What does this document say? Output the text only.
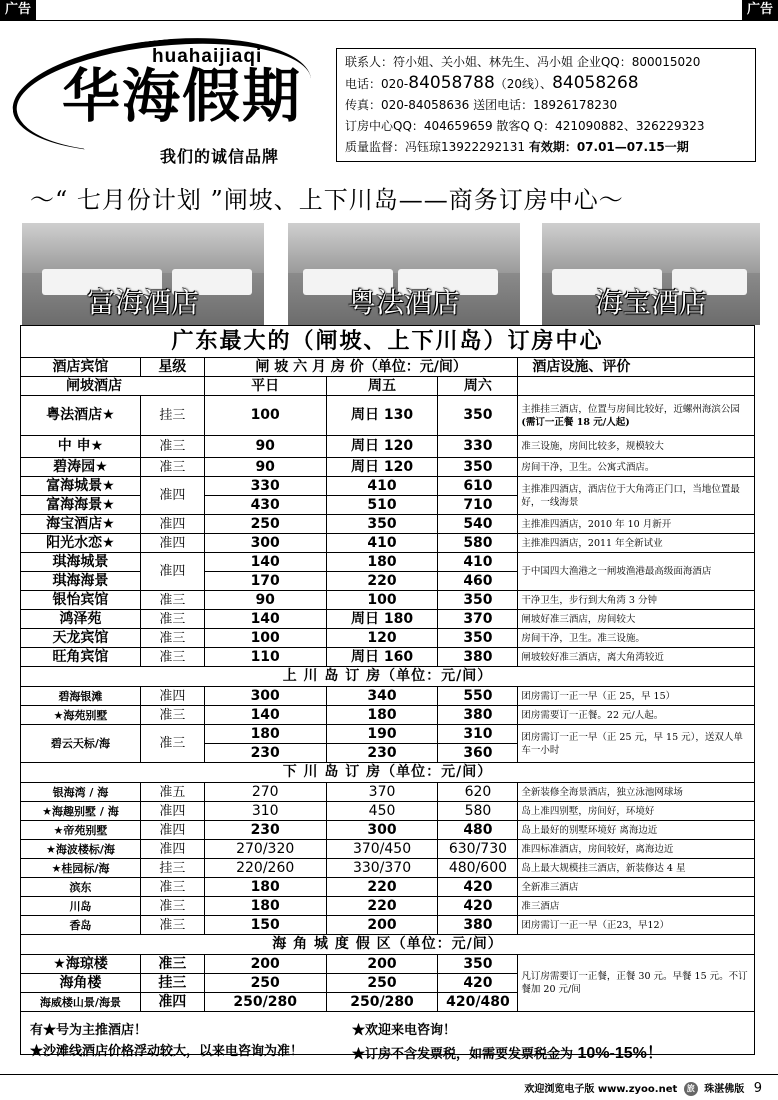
广告	广告
huahaijiaqi
华海假期
我们的诚信品牌
联系人：符小姐、关小姐、林先生、冯小姐 企业QQ：800015020
电话：020-84058788（20线）、84058268
传真：020-84058636 送团电话：18926178230
订房中心QQ：404659659 散客Q Q：421090882、326229323
质量监督：冯钰琼13922292131 有效期：07.01—07.15一期
～“ 七月份计划 ”闸坡、上下川岛——商务订房中心～
富海酒店	粤法酒店	海宝酒店
广东最大的（闸坡、上下川岛）订房中心
酒店宾馆	星级	闸 坡 六 月 房 价（单位：元/间）			酒店设施、评价
闸坡酒店		平日	周五	周六	
粤法酒店★	挂三	100	周日 130	350	主推挂三酒店，位置与房间比较好，近螺州海滨公园(需订一正餐 18 元/人起)
中 申★	准三	90	周日 120	330	准三设施，房间比较多，规模较大
碧涛园★	准三	90	周日 120	350	房间干净，卫生。公寓式酒店。
富海城景★	准四	330	410	610	主推准四酒店，酒店位于大角湾正门口，当地位置最好，一线海景
富海海景★		430	510	710	
海宝酒店★	准四	250	350	540	主推准四酒店，2010 年 10 月新开
阳光水恋★	准四	300	410	580	主推准四酒店，2011 年全新试业
琪海城景	准四	140	180	410	于中国四大渔港之一闸坡渔港最高级面海酒店
琪海海景		170	220	460	
银怡宾馆	准三	90	100	350	干净卫生，步行到大角湾 3 分钟
鸿泽苑	准三	140	周日 180	370	闸坡好准三酒店，房间较大
天龙宾馆	准三	100	120	350	房间干净，卫生。准三设施。
旺角宾馆	准三	110	周日 160	380	闸坡较好准三酒店，离大角湾较近
上 川 岛 订 房（单位：元/间）					
碧海银滩	准四	300	340	550	团房需订一正一早（正 25，早 15）
★海苑别墅	准三	140	180	380	团房需要订一正餐。22 元/人起。
碧云天标/海	准三	180	190	310	团房需订一正一早（正 25 元，早 15 元），送双人单车一小时
		230	230	360	
下 川 岛 订 房（单位：元/间）					
银海湾 / 海	准五	270	370	620	全新装修全海景酒店，独立泳池网球场
★海趣别墅 / 海	准四	310	450	580	岛上准四别墅，房间好，环境好
★帝苑别墅	准四	230	300	480	岛上最好的别墅环境好 离海边近
★海波楼标/海	准四	270/320	370/450	630/730	准四标准酒店，房间较好，离海边近
★桂园标/海	挂三	220/260	330/370	480/600	岛上最大规模挂三酒店，新装修达 4 星
滨东	准三	180	220	420	全新准三酒店
川岛	准三	180	220	420	准三酒店
香岛	准三	150	200	380	团房需订一正一早（正23，早12）
海 角 城 度 假 区（单位：元/间）					
★海琼楼	准三	200	200	350	凡订房需要订一正餐，正餐 30 元。早餐 15 元。不订餐加 20 元/间
海角楼	挂三	250	250	420	
海威楼山景/海景	准四	250/280	250/280	420/480	
有★号为主推酒店！	★欢迎来电咨询！
★沙滩线酒店价格浮动较大，以来电咨询为准！	★订房不含发票税，如需要发票税金为 10%-15%！
欢迎浏览电子版 www.zyoo.net 旅 珠湛佛版 9
